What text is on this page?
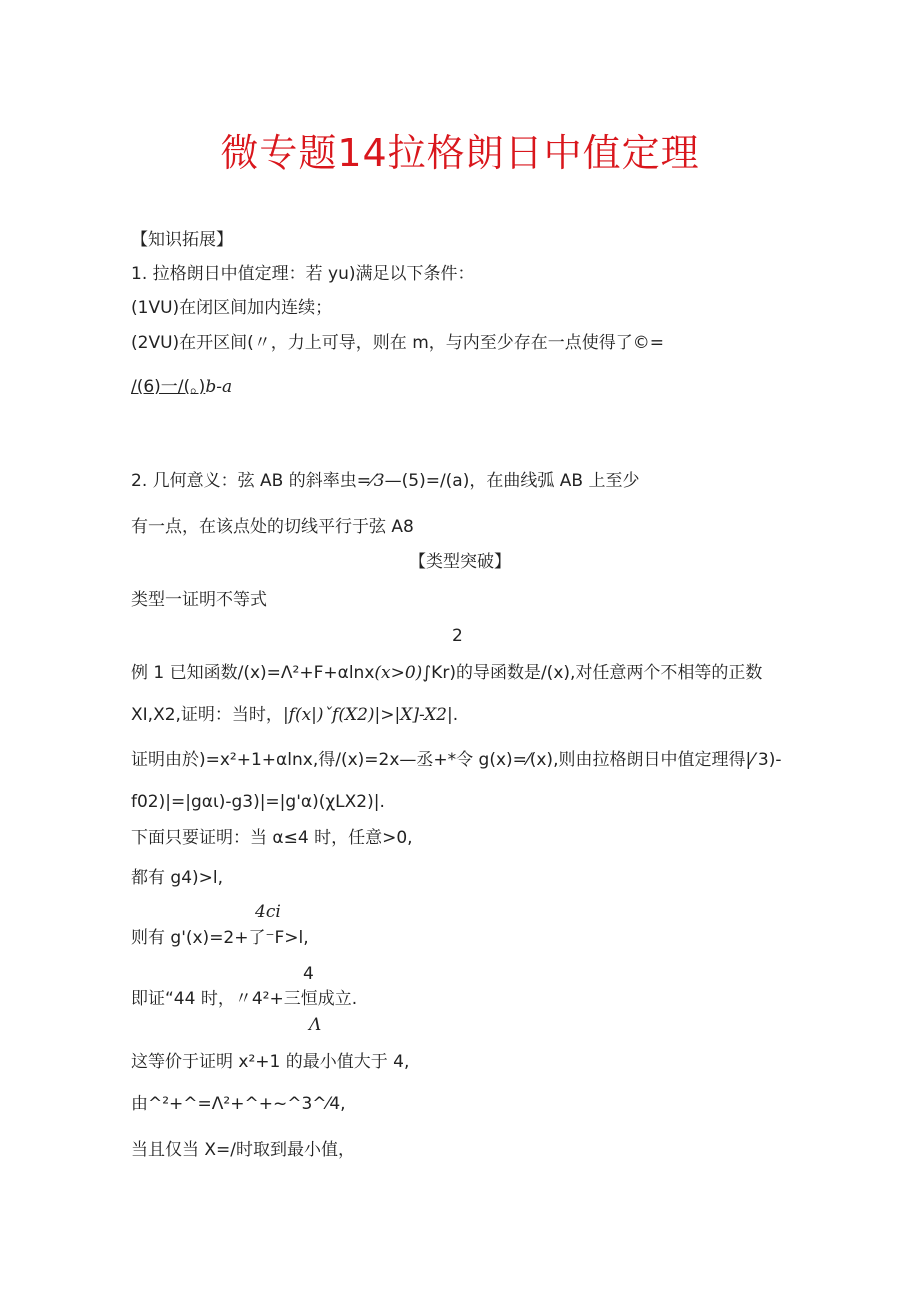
微专题14拉格朗日中值定理
【知识拓展】
1. 拉格朗日中值定理：若 yu)满足以下条件：
(1VU)在闭区间加内连续；
(2VU)在开区间(〃，力上可导，则在 m，与内至少存在一点使得了©=
/(6)一/(。)b-a
2. 几何意义：弦 AB 的斜率虫=⁄3—(5)=/(a)，在曲线弧 AB 上至少
有一点，在该点处的切线平行于弦 A8
【类型突破】
类型一证明不等式
2
例 1 已知函数/(x)=Λ²+F+αlnx(x>0)∫Kr)的导函数是/(x),对任意两个不相等的正数
XI,X2,证明：当时，|f(x|)ˇf(X2)|>|X]-X2|.
证明由於)=x²+1+αlnx,得/(x)=2x—丞+*令 g(x)=⁄(x),则由拉格朗日中值定理得|⁄′3)-
f02)|=|gαι)-g3)|=|g'α)(χLX2)|.
下面只要证明：当 α≤4 时，任意>0,
都有 g4)>l,
4ci
则有 g'(x)=2+了⁻F>l,
4
即证“44 时，〃4²+三恒成立.
Λ
这等价于证明 x²+1 的最小值大于 4,
由^²+^=Λ²+^+~^3^⁄4,
当且仅当 X=/时取到最小值，
